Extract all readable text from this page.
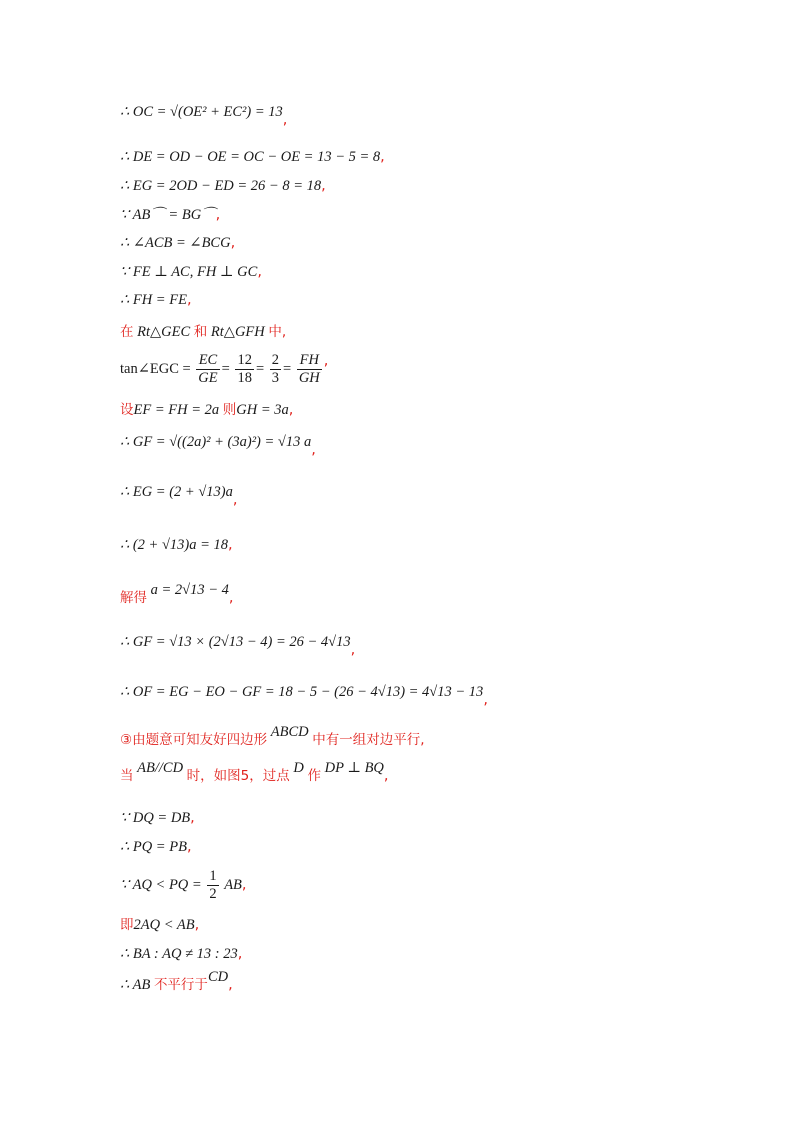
∴ OC = √(OE² + EC²) = 13,
∴ DE = OD − OE = OC − OE = 13 − 5 = 8,
∴ EG = 2OD − ED = 26 − 8 = 18,
∵ AB⌒ = BG⌒,
∴ ∠ACB = ∠BCG,
∵ FE ⊥ AC, FH ⊥ GC,
∴ FH = FE,
在 Rt△GEC 和 Rt△GFH 中,
tan∠EGC = $\frac{EC}{GE} = \frac{12}{18} = \frac{2}{3} = \frac{FH}{GH}$ ,
设EF = FH = 2a 则GH = 3a,
∴ GF = √((2a)² + (3a)²) = √13 a,
∴ EG = (2 + √13)a,
∴ (2 + √13)a = 18,
解得 a = 2√13 − 4,
∴ GF = √13 × (2√13 − 4) = 26 − 4√13,
∴ OF = EG − EO − GF = 18 − 5 − (26 − 4√13) = 4√13 − 13,
③由题意可知友好四边形 ABCD 中有一组对边平行,
当 AB//CD 时，如图5，过点 D 作 DP ⊥ BQ,
∵ DQ = DB,
∴ PQ = PB,
∵ AQ < PQ = $\frac{1}{2}$ AB,
即2AQ < AB,
∴ BA : AQ ≠ 13 : 23,
∴ AB 不平行于CD,
